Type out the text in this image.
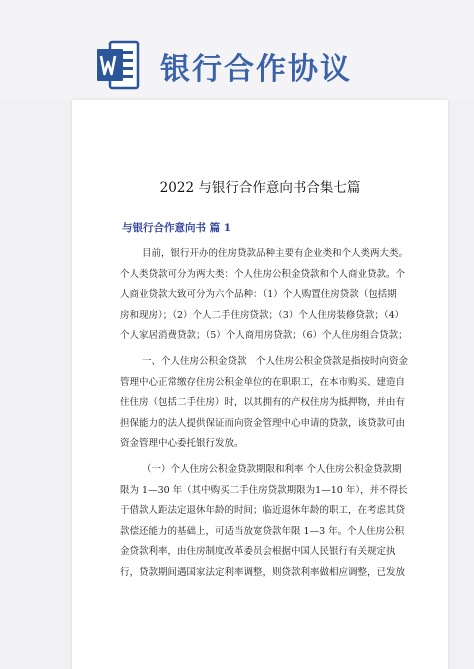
银行合作协议
2022 与银行合作意向书合集七篇
与银行合作意向书 篇 1
目前，银行开办的住房贷款品种主要有企业类和个人类两大类。
个人类贷款可分为两大类：个人住房公积金贷款和个人商业贷款。个
人商业贷款大致可分为六个品种：（1）个人购置住房贷款（包括期
房和现房）；（2）个人二手住房贷款；（3）个人住房装修贷款；（4）
个人家居消费贷款；（5）个人商用房贷款；（6）个人住房组合贷款；
一、个人住房公积金贷款　个人住房公积金贷款是指按时向资金
管理中心正常缴存住房公积金单位的在职职工，在本市购买、建造自
住住房（包括二手住房）时，以其拥有的产权住房为抵押物，并由有
担保能力的法人提供保证而向资金管理中心申请的贷款，该贷款可由
资金管理中心委托银行发放。
（一）个人住房公积金贷款期限和利率 个人住房公积金贷款期
限为 1—30 年（其中购买二手住房贷款期限为1—10 年），并不得长
于借款人距法定退休年龄的时间；临近退休年龄的职工，在考虑其贷
款偿还能力的基础上，可适当放宽贷款年限 1—3 年。个人住房公积
金贷款利率，由住房制度改革委员会根据中国人民银行有关规定执
行，贷款期间遇国家法定利率调整，则贷款利率做相应调整，已发放
